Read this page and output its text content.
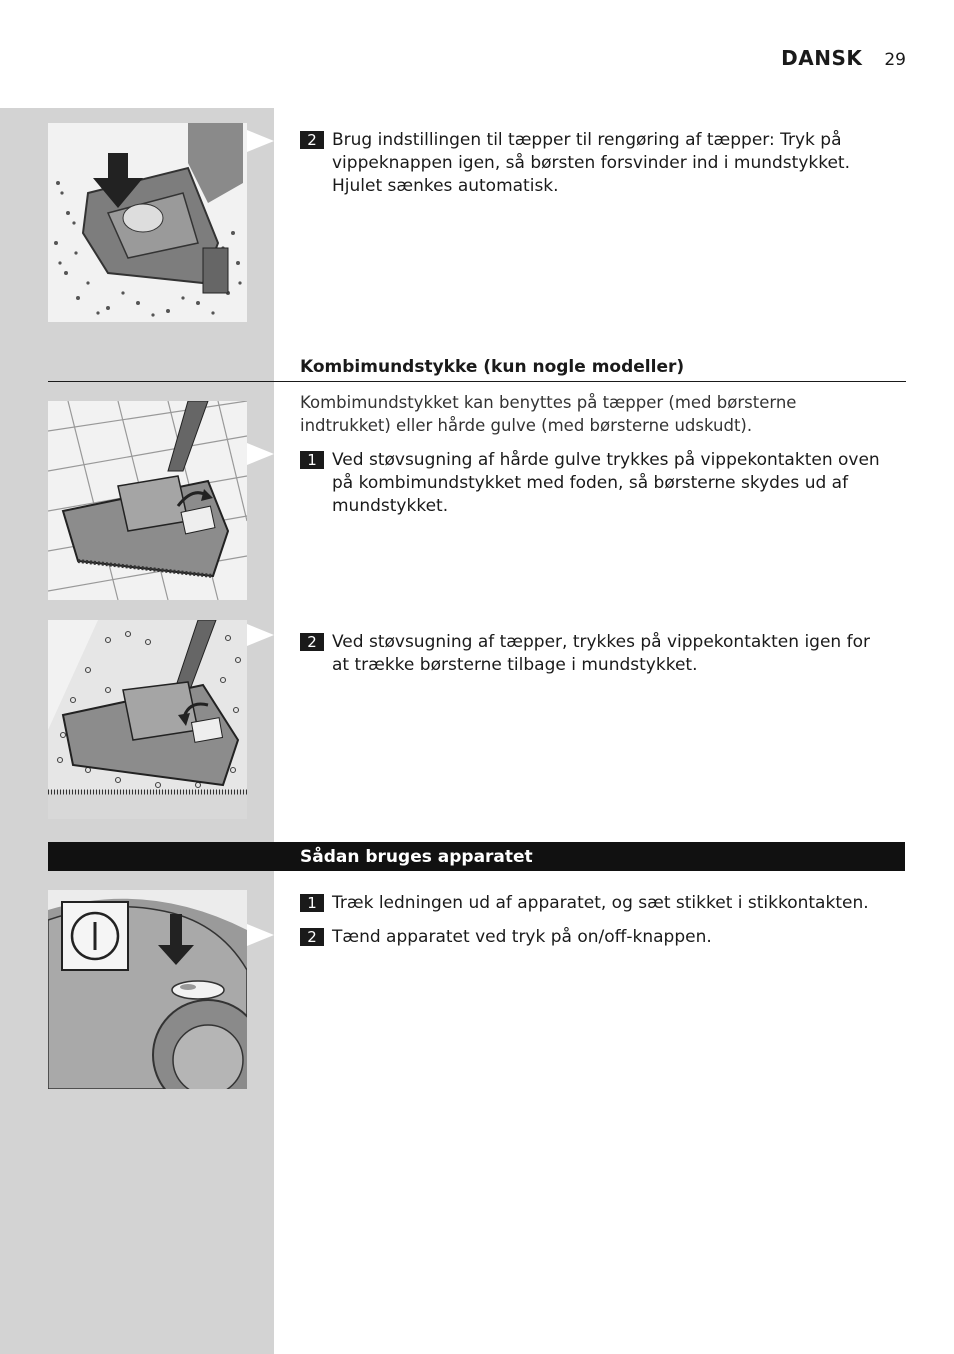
DANSK 29
2 Brug indstillingen til tæpper til rengøring af tæpper: Tryk på vippeknappen igen, så børsten forsvinder ind i mundstykket. Hjulet sænkes automatisk.
Kombimundstykke (kun nogle modeller)
Kombimundstykket kan benyttes på tæpper (med børsterne indtrukket) eller hårde gulve (med børsterne udskudt).
1 Ved støvsugning af hårde gulve trykkes på vippekontakten oven på kombimundstykket med foden, så børsterne skydes ud af mundstykket.
2 Ved støvsugning af tæpper, trykkes på vippekontakten igen for at trække børsterne tilbage i mundstykket.
Sådan bruges apparatet
1 Træk ledningen ud af apparatet, og sæt stikket i stikkontakten.
2 Tænd apparatet ved tryk på on/off-knappen.
